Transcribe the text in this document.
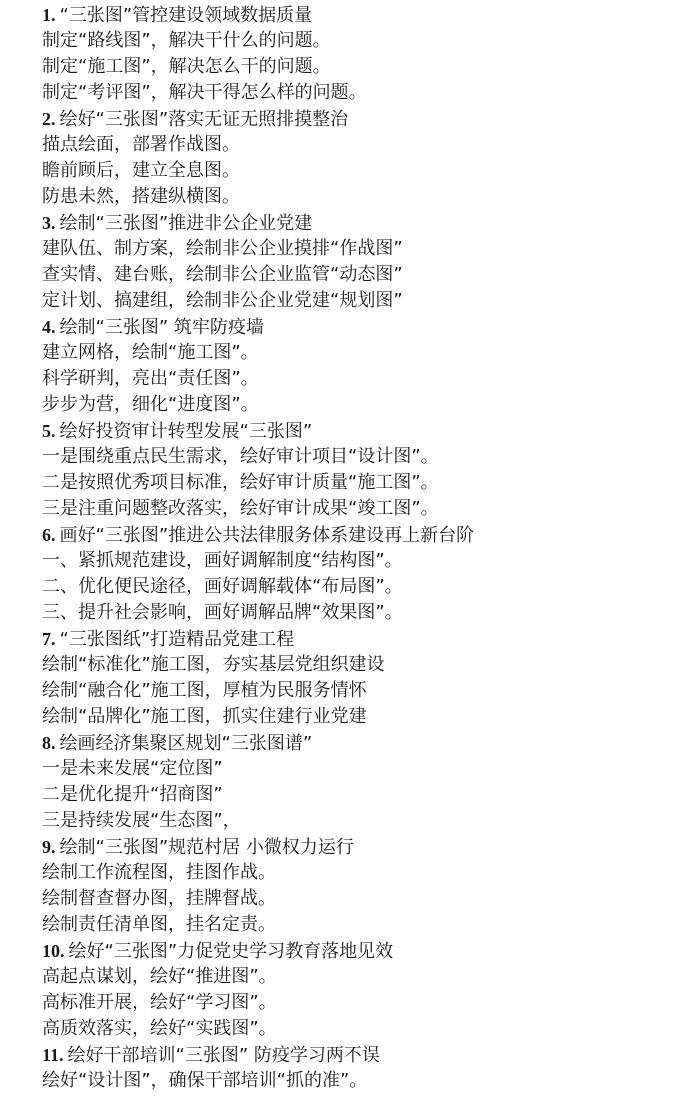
1. “三张图”管控建设领域数据质量
制定“路线图”，解决干什么的问题。
制定“施工图”，解决怎么干的问题。
制定“考评图”，解决干得怎么样的问题。
2. 绘好“三张图”落实无证无照排摸整治
描点绘面，部署作战图。
瞻前顾后，建立全息图。
防患未然，搭建纵横图。
3. 绘制“三张图”推进非公企业党建
建队伍、制方案，绘制非公企业摸排“作战图”
查实情、建台账，绘制非公企业监管“动态图”
定计划、搞建组，绘制非公企业党建“规划图”
4. 绘制“三张图” 筑牢防疫墙
建立网格，绘制“施工图”。
科学研判，亮出“责任图”。
步步为营，细化“进度图”。
5. 绘好投资审计转型发展“三张图”
一是围绕重点民生需求，绘好审计项目“设计图”。
二是按照优秀项目标准，绘好审计质量“施工图”。
三是注重问题整改落实，绘好审计成果“竣工图”。
6. 画好“三张图”推进公共法律服务体系建设再上新台阶
一、紧抓规范建设，画好调解制度“结构图”。
二、优化便民途径，画好调解载体“布局图”。
三、提升社会影响，画好调解品牌“效果图”。
7. “三张图纸”打造精品党建工程
绘制“标准化”施工图，夯实基层党组织建设
绘制“融合化”施工图，厚植为民服务情怀
绘制“品牌化”施工图，抓实住建行业党建
8. 绘画经济集聚区规划“三张图谱”
一是未来发展“定位图”
二是优化提升“招商图”
三是持续发展“生态图”，
9. 绘制“三张图”规范村居 小微权力运行
绘制工作流程图，挂图作战。
绘制督查督办图，挂牌督战。
绘制责任清单图，挂名定责。
10. 绘好“三张图”力促党史学习教育落地见效
高起点谋划，绘好“推进图”。
高标准开展，绘好“学习图”。
高质效落实，绘好“实践图”。
11. 绘好干部培训“三张图” 防疫学习两不误
绘好“设计图”，确保干部培训“抓的准”。
